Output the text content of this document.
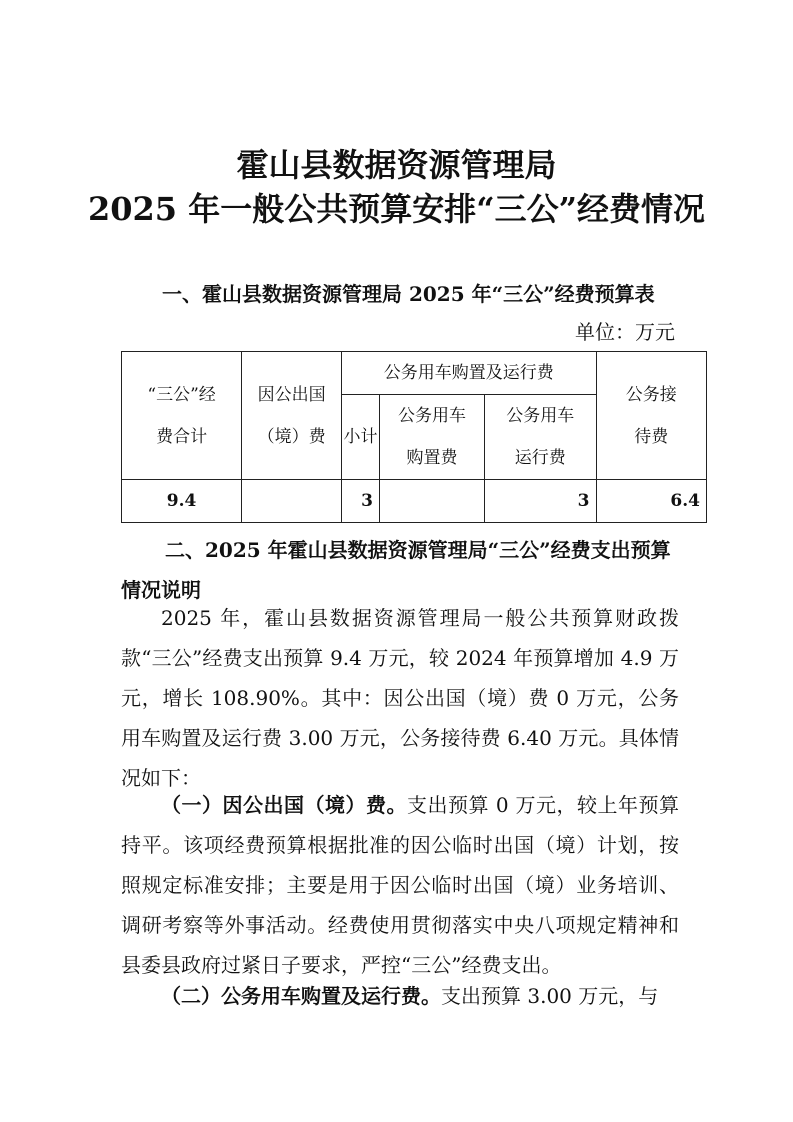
霍山县数据资源管理局
2025 年一般公共预算安排“三公”经费情况
一、霍山县数据资源管理局 2025 年“三公”经费预算表
单位：万元
“三公”经费合计	因公出国（境）费	公务用车购置及运行费			公务接待费
		小计	公务用车购置费	公务用车运行费	
9.4		3		3	6.4
二、2025 年霍山县数据资源管理局“三公”经费支出预算情况说明

2025 年，霍山县数据资源管理局一般公共预算财政拨款“三公”经费支出预算 9.4 万元，较 2024 年预算增加 4.9 万元，增长 108.90%。其中：因公出国（境）费 0 万元，公务用车购置及运行费 3.00 万元，公务接待费 6.40 万元。具体情况如下：

（一）因公出国（境）费。支出预算 0 万元，较上年预算持平。该项经费预算根据批准的因公临时出国（境）计划，按照规定标准安排；主要是用于因公临时出国（境）业务培训、调研考察等外事活动。经费使用贯彻落实中央八项规定精神和县委县政府过紧日子要求，严控“三公”经费支出。

（二）公务用车购置及运行费。支出预算 3.00 万元，与
